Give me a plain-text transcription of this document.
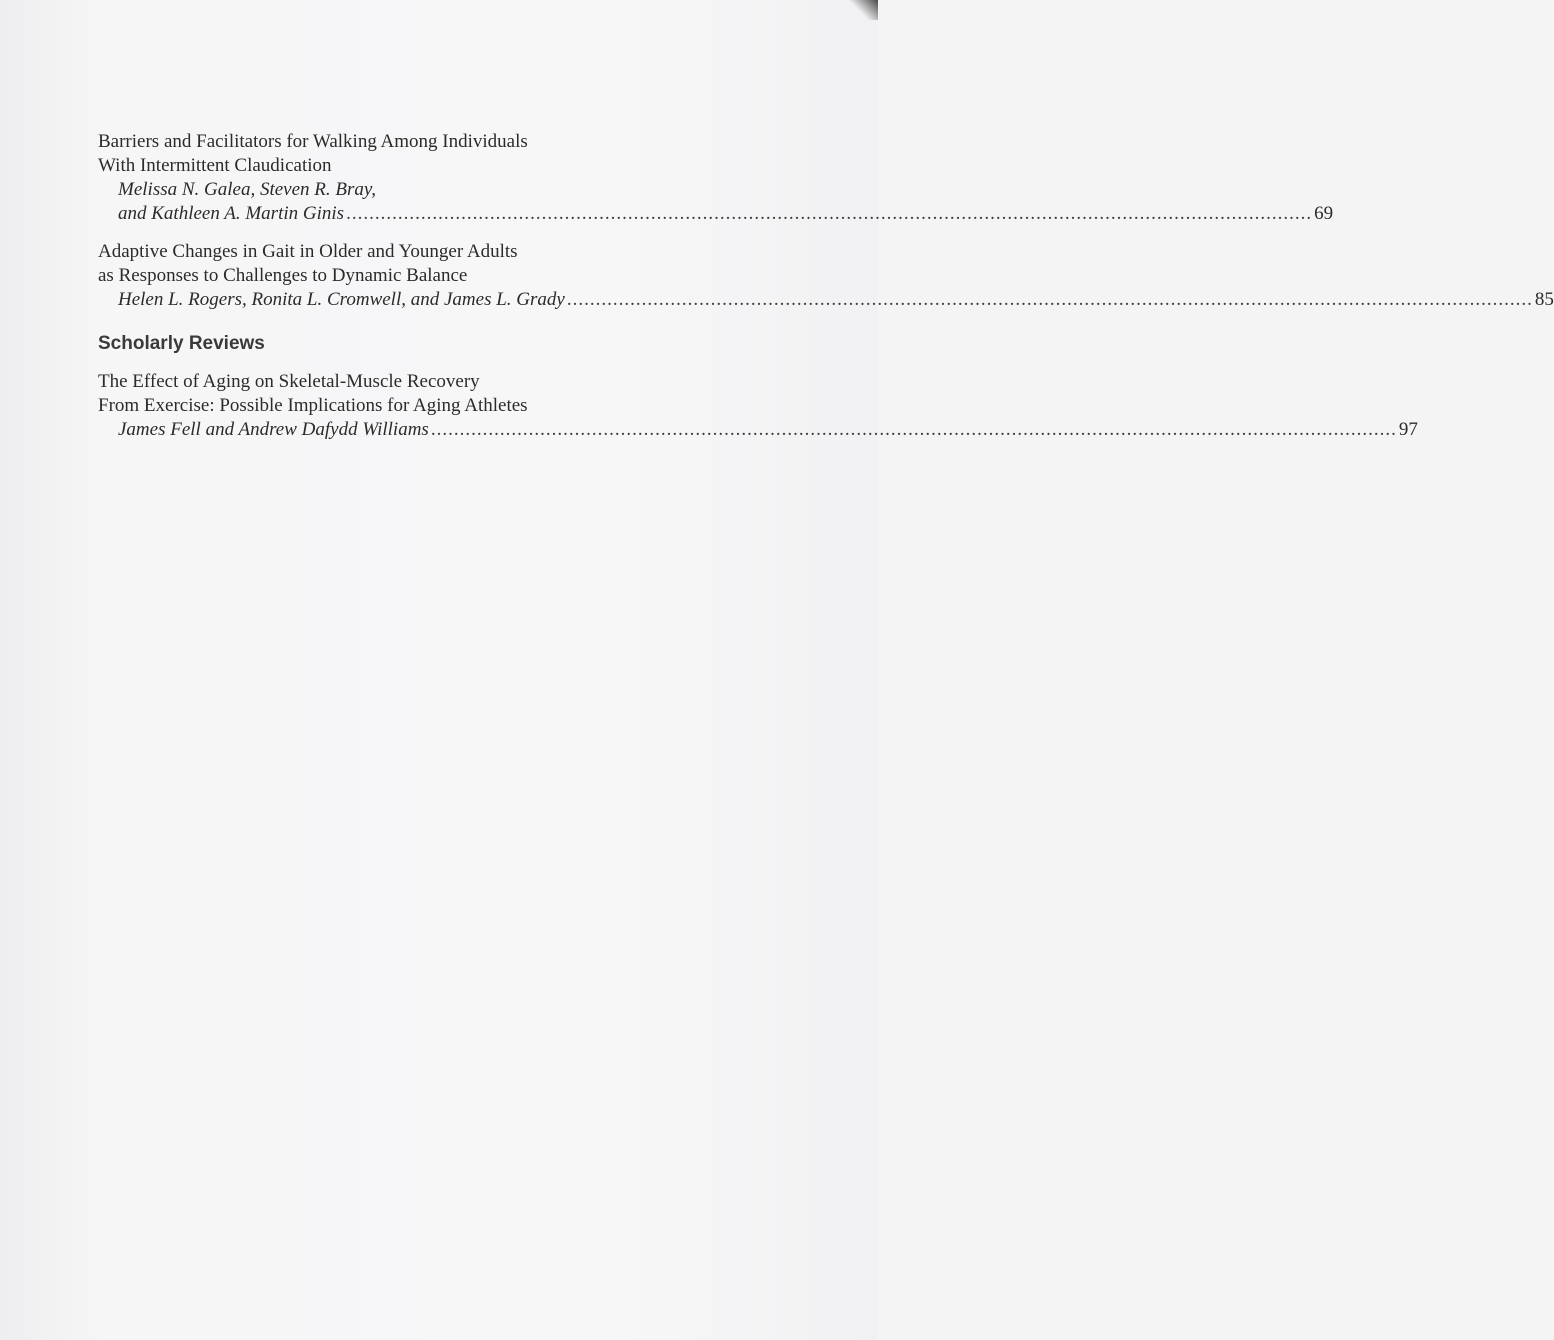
Barriers and Facilitators for Walking Among Individuals
With Intermittent Claudication
Melissa N. Galea, Steven R. Bray,
and Kathleen A. Martin Ginis ........................................................................................................................................................................ 69
Adaptive Changes in Gait in Older and Younger Adults
as Responses to Challenges to Dynamic Balance
Helen L. Rogers, Ronita L. Cromwell, and James L. Grady ........................................................................................................................................................................ 85
Scholarly Reviews
The Effect of Aging on Skeletal-Muscle Recovery
From Exercise: Possible Implications for Aging Athletes
James Fell and Andrew Dafydd Williams ........................................................................................................................................................................ 97
